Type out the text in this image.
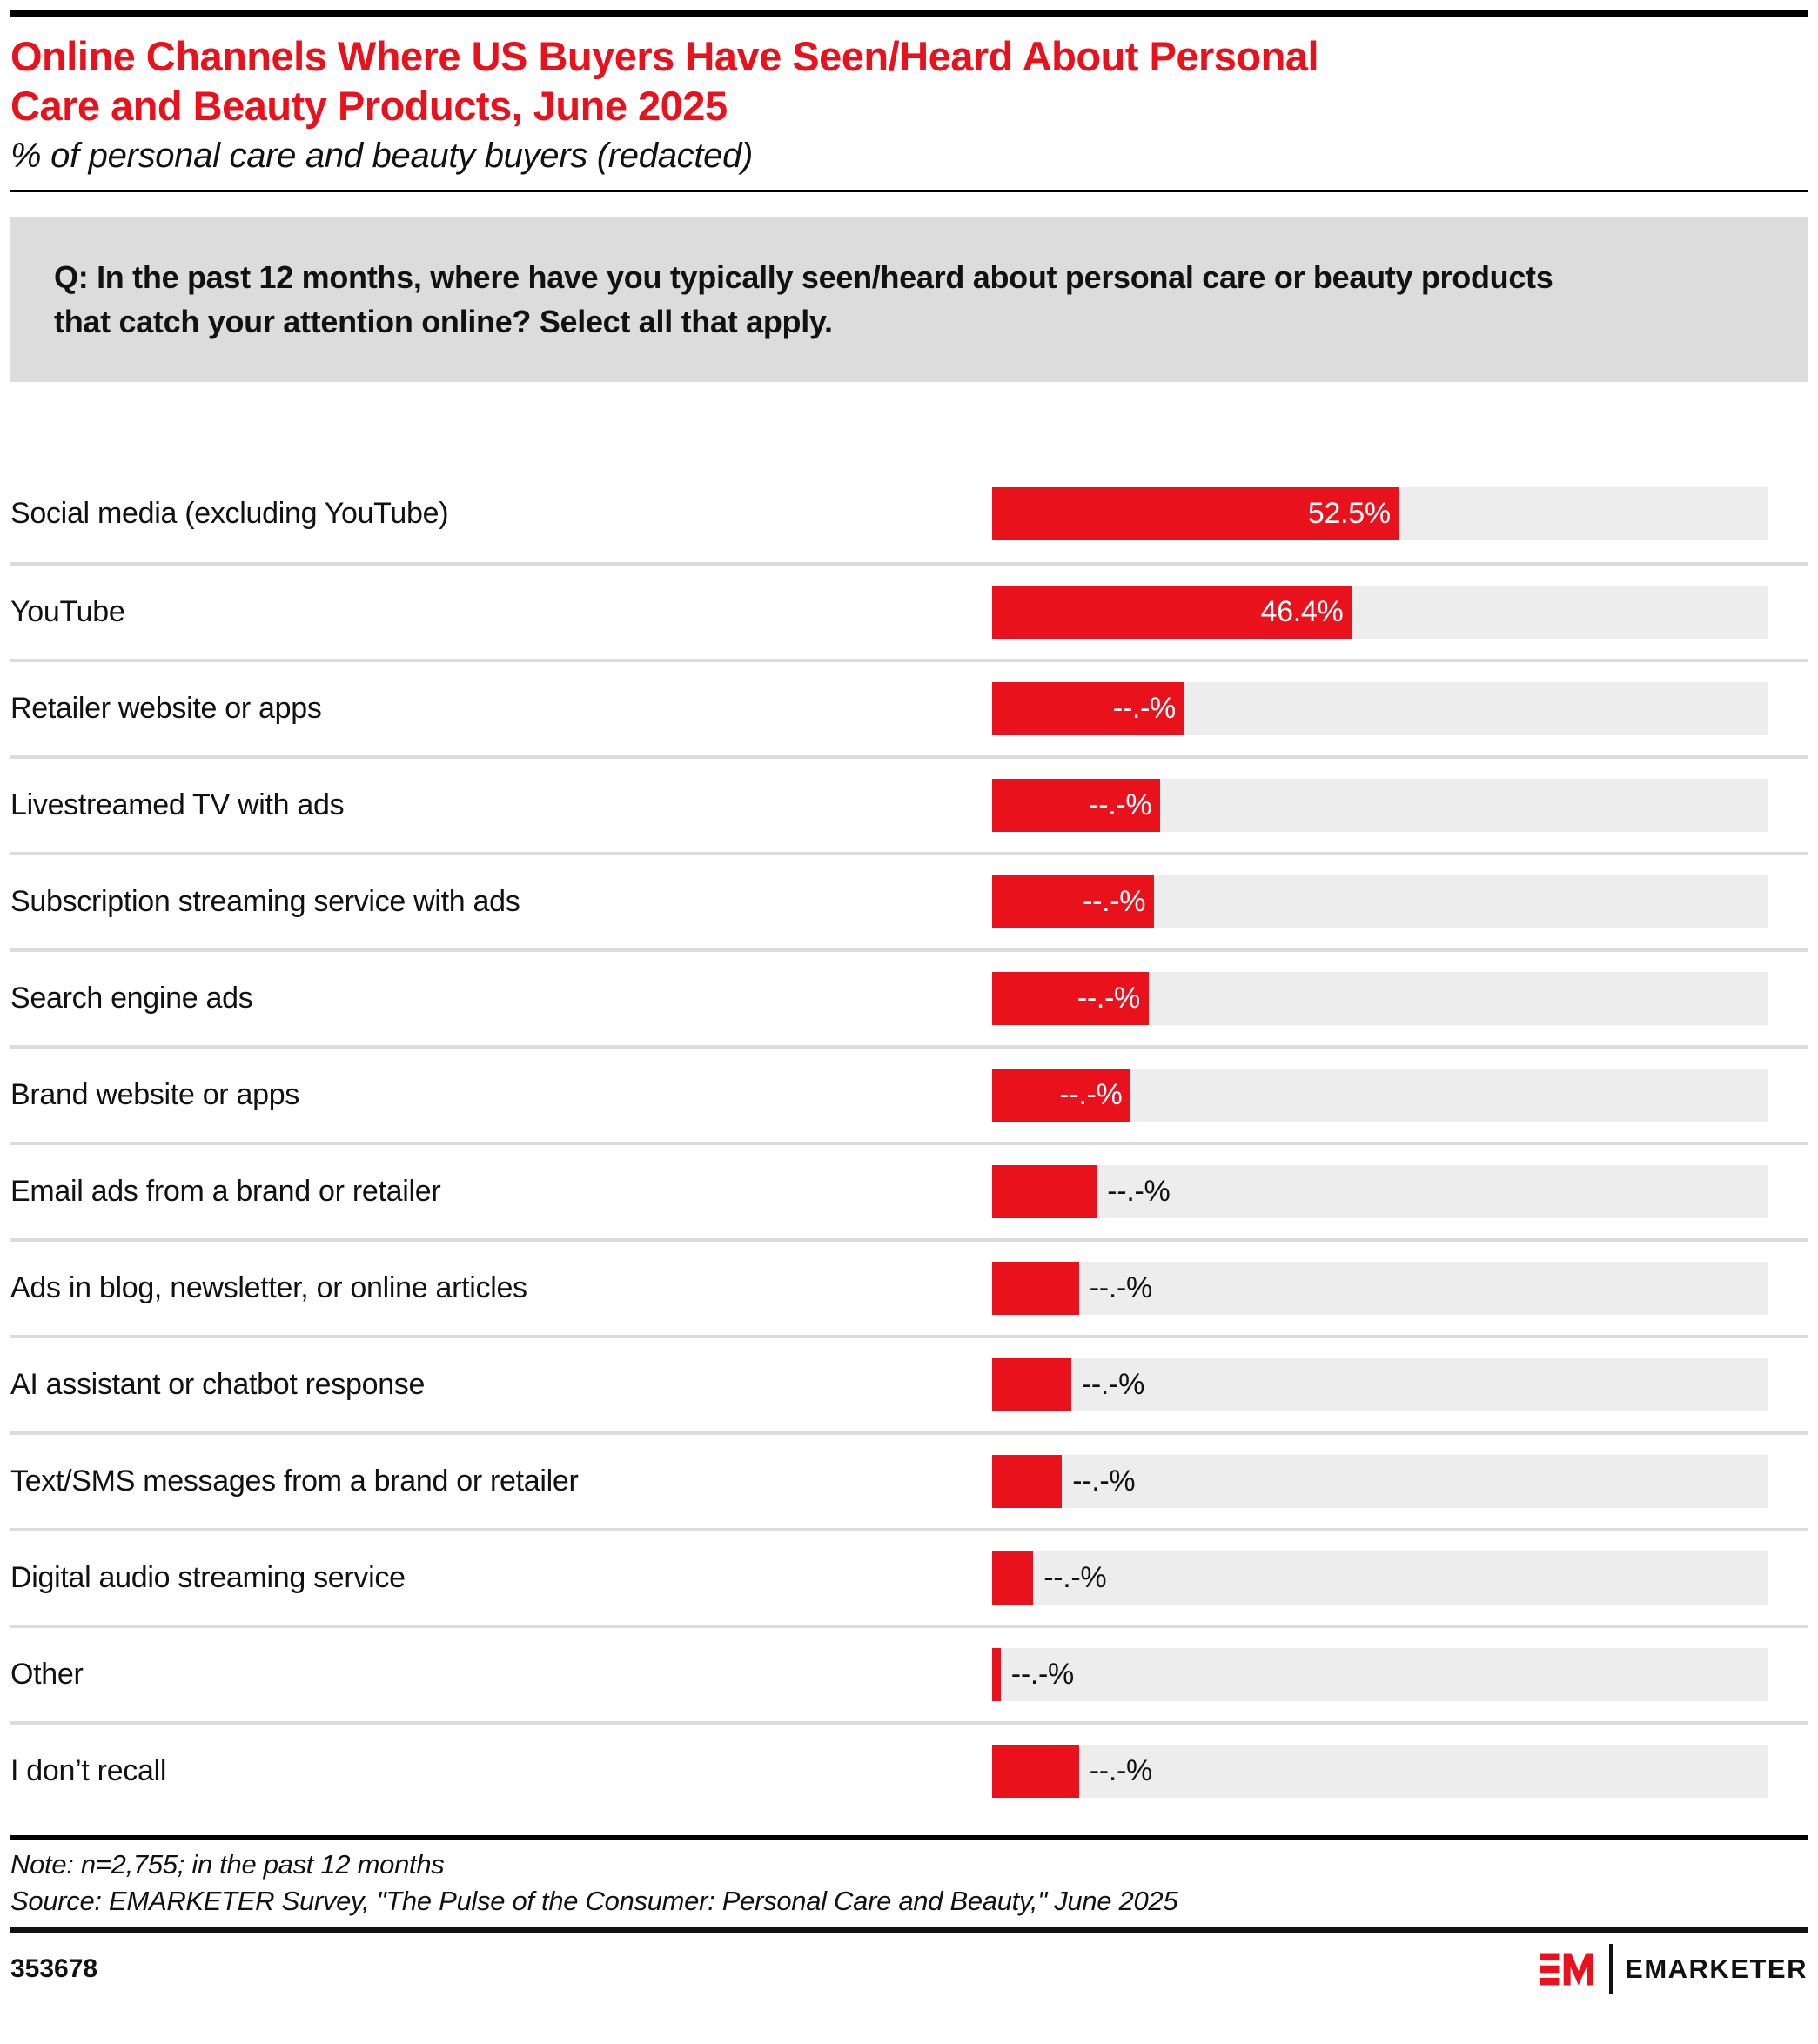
Online Channels Where US Buyers Have Seen/Heard About Personal Care and Beauty Products, June 2025
% of personal care and beauty buyers (redacted)
Q: In the past 12 months, where have you typically seen/heard about personal care or beauty products that catch your attention online? Select all that apply.
Social media (excluding YouTube)	52.5%
YouTube	46.4%
Retailer website or apps	--.-%
Livestreamed TV with ads	--.-%
Subscription streaming service with ads	--.-%
Search engine ads	--.-%
Brand website or apps	--.-%
Email ads from a brand or retailer	--.-%
Ads in blog, newsletter, or online articles	--.-%
AI assistant or chatbot response	--.-%
Text/SMS messages from a brand or retailer	--.-%
Digital audio streaming service	--.-%
Other	--.-%
I don’t recall	--.-%
Note: n=2,755; in the past 12 months
Source: EMARKETER Survey, "The Pulse of the Consumer: Personal Care and Beauty," June 2025
353678	EMARKETER
